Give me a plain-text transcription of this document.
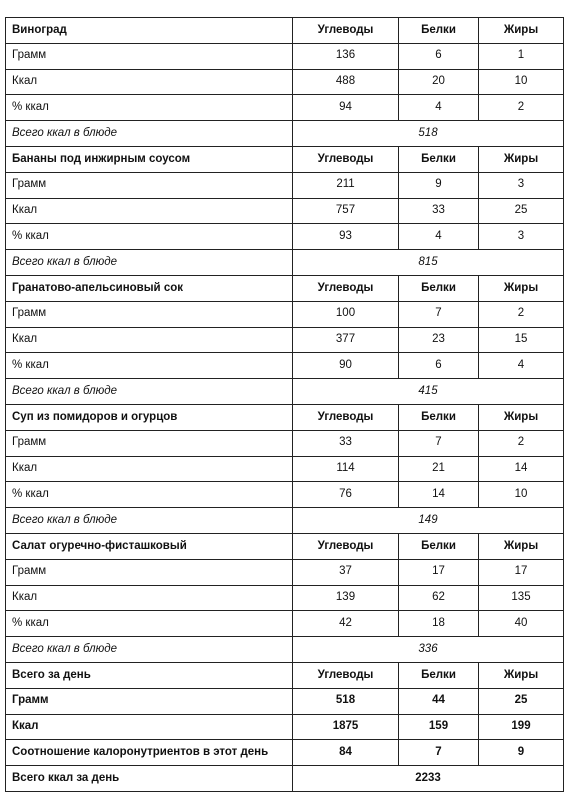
Виноград	Углеводы	Белки	Жиры
Грамм	136	6	1
Ккал	488	20	10
% ккал	94	4	2
Всего ккал в блюде	518		
Бананы под инжирным соусом	Углеводы	Белки	Жиры
Грамм	211	9	3
Ккал	757	33	25
% ккал	93	4	3
Всего ккал в блюде	815		
Гранатово-апельсиновый сок	Углеводы	Белки	Жиры
Грамм	100	7	2
Ккал	377	23	15
% ккал	90	6	4
Всего ккал в блюде	415		
Суп из помидоров и огурцов	Углеводы	Белки	Жиры
Грамм	33	7	2
Ккал	114	21	14
% ккал	76	14	10
Всего ккал в блюде	149		
Салат огуречно-фисташковый	Углеводы	Белки	Жиры
Грамм	37	17	17
Ккал	139	62	135
% ккал	42	18	40
Всего ккал в блюде	336		
Всего за день	Углеводы	Белки	Жиры
Грамм	518	44	25
Ккал	1875	159	199
Соотношение калоронутриентов в этот день	84	7	9
Всего ккал за день	2233		
